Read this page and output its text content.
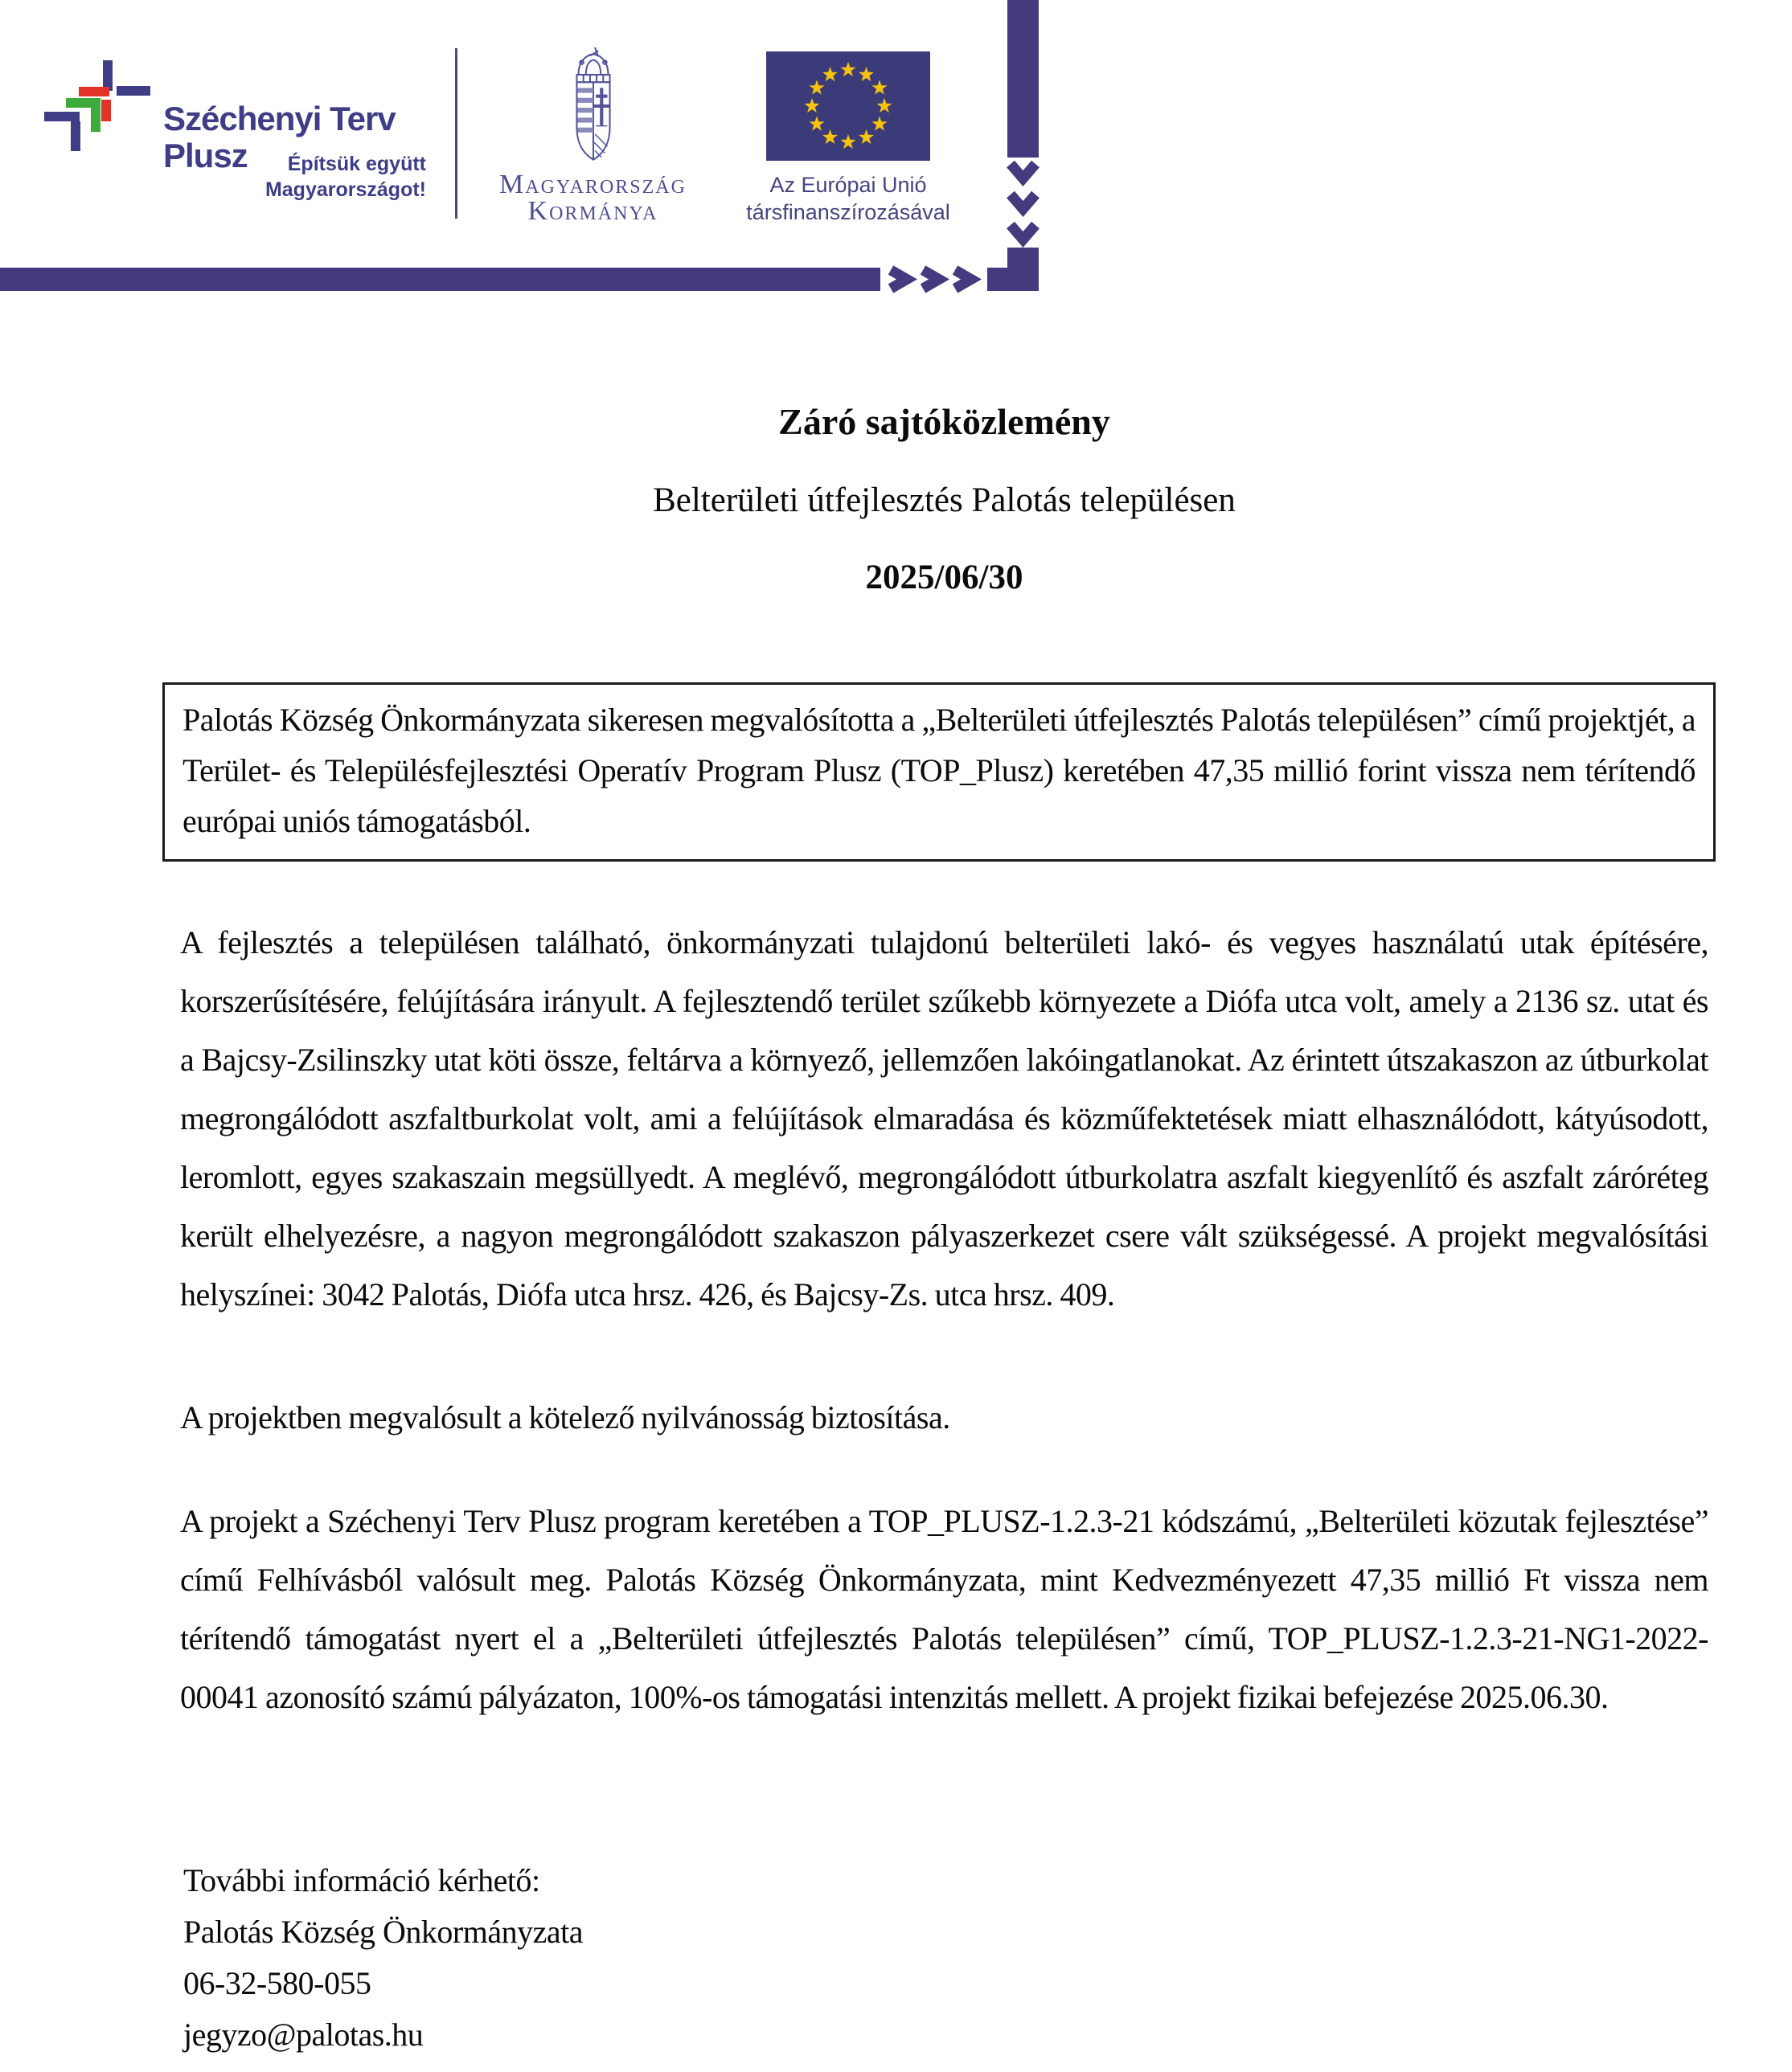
Széchenyi Terv
Plusz	Építsük együtt
Magyarországot!	Magyarország
Kormánya
Az Európai Unió
társfinanszírozásával
Záró sajtóközlemény
Belterületi útfejlesztés Palotás településen
2025/06/30

Palotás Község Önkormányzata sikeresen megvalósította a „Belterületi útfejlesztés Palotás településen” című projektjét, a Terület- és Településfejlesztési Operatív Program Plusz (TOP_Plusz) keretében 47,35 millió forint vissza nem térítendő európai uniós támogatásból.

A fejlesztés a településen található, önkormányzati tulajdonú belterületi lakó- és vegyes használatú utak építésére, korszerűsítésére, felújítására irányult. A fejlesztendő terület szűkebb környezete a Diófa utca volt, amely a 2136 sz. utat és a Bajcsy-Zsilinszky utat köti össze, feltárva a környező, jellemzően lakóingatlanokat. Az érintett útszakaszon az útburkolat megrongálódott aszfaltburkolat volt, ami a felújítások elmaradása és közműfektetések miatt elhasználódott, kátyúsodott, leromlott, egyes szakaszain megsüllyedt. A meglévő, megrongálódott útburkolatra aszfalt kiegyenlítő és aszfalt záróréteg került elhelyezésre, a nagyon megrongálódott szakaszon pályaszerkezet csere vált szükségessé. A projekt megvalósítási helyszínei: 3042 Palotás, Diófa utca hrsz. 426, és Bajcsy-Zs. utca hrsz. 409.

A projektben megvalósult a kötelező nyilvánosság biztosítása.

A projekt a Széchenyi Terv Plusz program keretében a TOP_PLUSZ-1.2.3-21 kódszámú, „Belterületi közutak fejlesztése” című Felhívásból valósult meg. Palotás Község Önkormányzata, mint Kedvezményezett 47,35 millió Ft vissza nem térítendő támogatást nyert el a „Belterületi útfejlesztés Palotás településen” című, TOP_PLUSZ-1.2.3-21-NG1-2022-00041 azonosító számú pályázaton, 100%-os támogatási intenzitás mellett. A projekt fizikai befejezése 2025.06.30.

További információ kérhető:
Palotás Község Önkormányzata
06-32-580-055
jegyzo@palotas.hu
